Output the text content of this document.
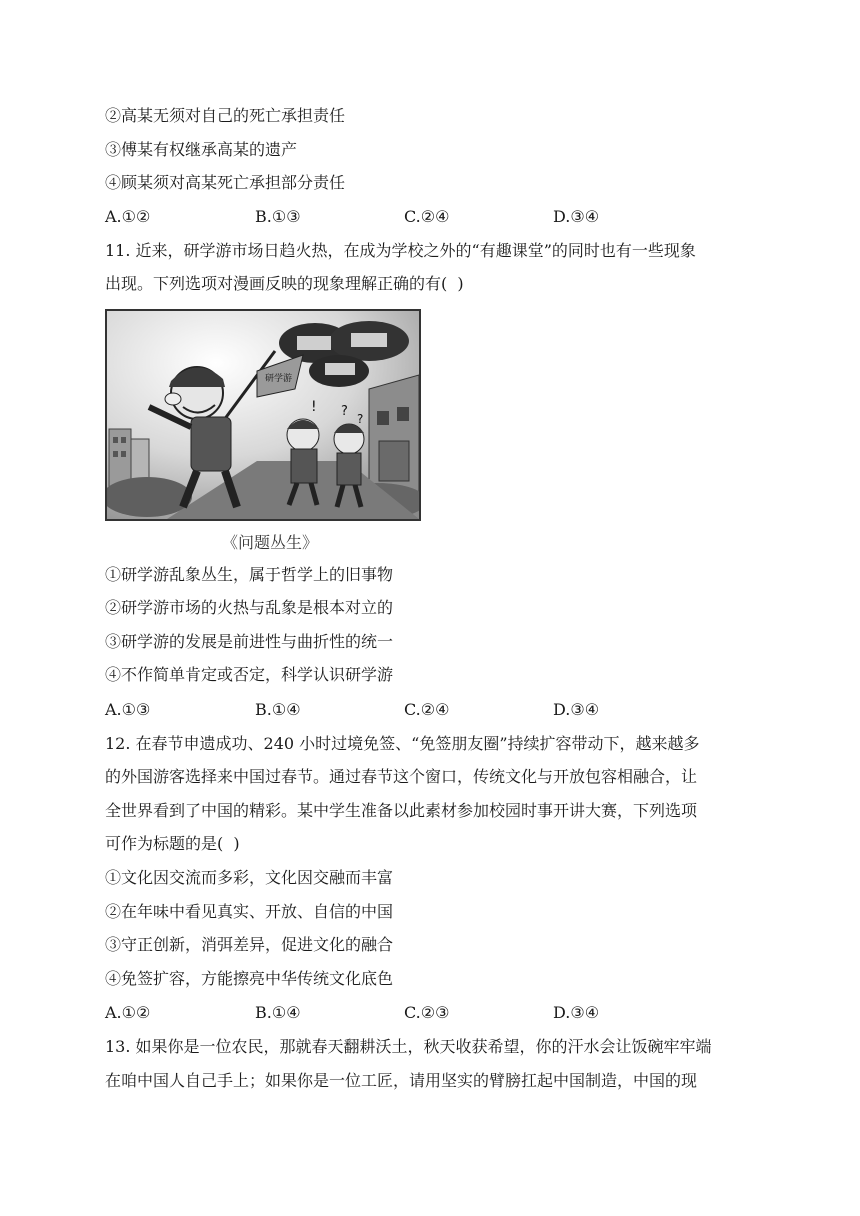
②高某无须对自己的死亡承担责任
③傅某有权继承高某的遗产
④顾某须对高某死亡承担部分责任
A.①②	B.①③	C.②④	D.③④
11. 近来，研学游市场日趋火热，在成为学校之外的“有趣课堂”的同时也有一些现象
出现。下列选项对漫画反映的现象理解正确的有(  )
研学游
! ? ?
《问题丛生》
①研学游乱象丛生，属于哲学上的旧事物
②研学游市场的火热与乱象是根本对立的
③研学游的发展是前进性与曲折性的统一
④不作简单肯定或否定，科学认识研学游
A.①③	B.①④	C.②④	D.③④
12. 在春节申遗成功、240 小时过境免签、“免签朋友圈”持续扩容带动下，越来越多
的外国游客选择来中国过春节。通过春节这个窗口，传统文化与开放包容相融合，让
全世界看到了中国的精彩。某中学生准备以此素材参加校园时事开讲大赛，下列选项
可作为标题的是(  )
①文化因交流而多彩，文化因交融而丰富
②在年味中看见真实、开放、自信的中国
③守正创新，消弭差异，促进文化的融合
④免签扩容，方能擦亮中华传统文化底色
A.①②	B.①④	C.②③	D.③④
13. 如果你是一位农民，那就春天翻耕沃土，秋天收获希望，你的汗水会让饭碗牢牢端
在咱中国人自己手上；如果你是一位工匠，请用坚实的臂膀扛起中国制造，中国的现
